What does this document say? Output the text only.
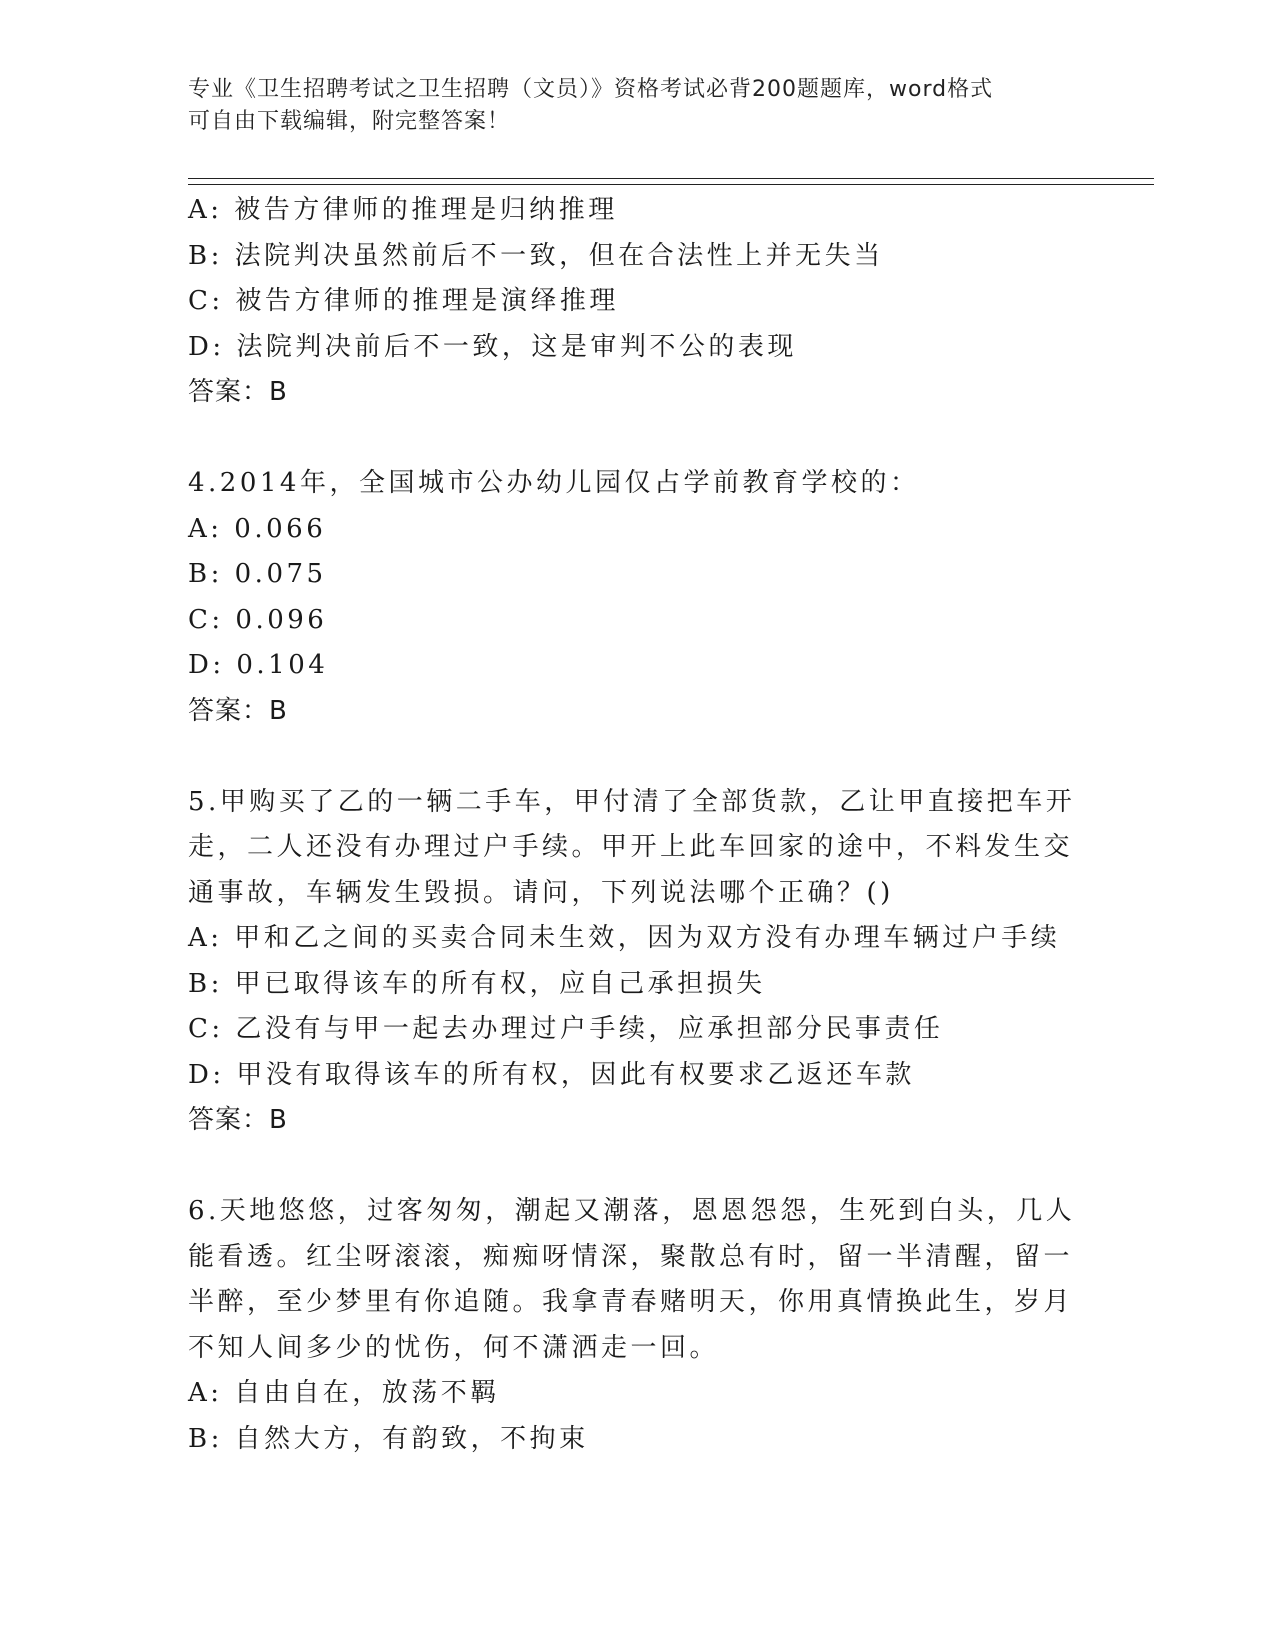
专业《卫生招聘考试之卫生招聘（文员）》资格考试必背200题题库，word格式
可自由下载编辑，附完整答案！
A: 被告方律师的推理是归纳推理
B: 法院判决虽然前后不一致，但在合法性上并无失当
C: 被告方律师的推理是演绎推理
D: 法院判决前后不一致，这是审判不公的表现
答案：B
4.2014年，全国城市公办幼儿园仅占学前教育学校的：
A: 0.066
B: 0.075
C: 0.096
D: 0.104
答案：B
5.甲购买了乙的一辆二手车，甲付清了全部货款，乙让甲直接把车开
走，二人还没有办理过户手续。甲开上此车回家的途中，不料发生交
通事故，车辆发生毁损。请问，下列说法哪个正确？()
A: 甲和乙之间的买卖合同未生效，因为双方没有办理车辆过户手续
B: 甲已取得该车的所有权，应自己承担损失
C: 乙没有与甲一起去办理过户手续，应承担部分民事责任
D: 甲没有取得该车的所有权，因此有权要求乙返还车款
答案：B
6.天地悠悠，过客匆匆，潮起又潮落，恩恩怨怨，生死到白头，几人
能看透。红尘呀滚滚，痴痴呀情深，聚散总有时，留一半清醒，留一
半醉，至少梦里有你追随。我拿青春赌明天，你用真情换此生，岁月
不知人间多少的忧伤，何不潇洒走一回。
A: 自由自在，放荡不羁
B: 自然大方，有韵致，不拘束
